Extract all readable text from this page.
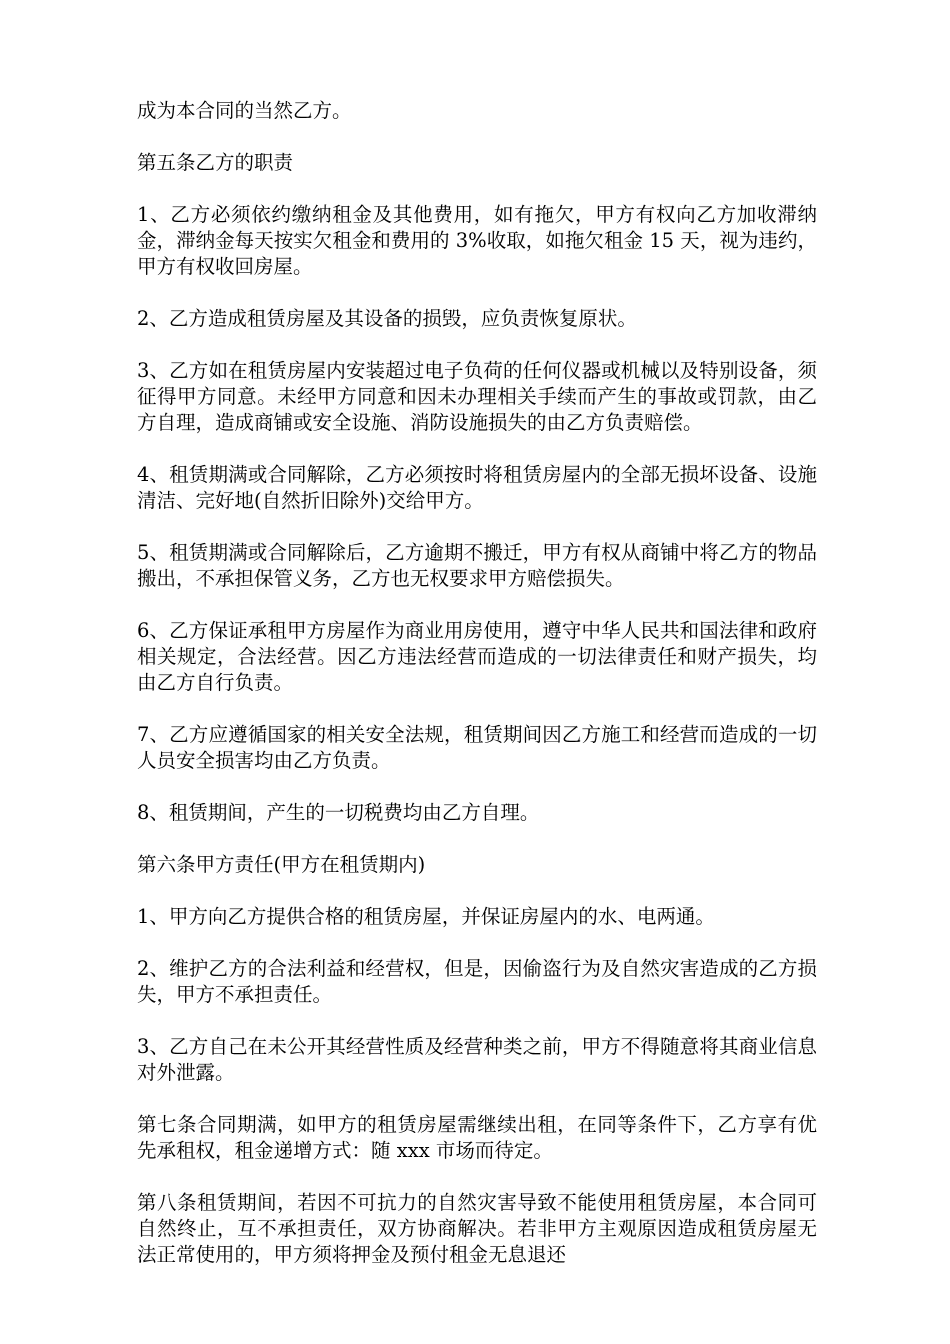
成为本合同的当然乙方。

第五条乙方的职责

1、乙方必须依约缴纳租金及其他费用，如有拖欠，甲方有权向乙方加收滞纳金，滞纳金每天按实欠租金和费用的 3%收取，如拖欠租金 15 天，视为违约，甲方有权收回房屋。

2、乙方造成租赁房屋及其设备的损毁，应负责恢复原状。

3、乙方如在租赁房屋内安装超过电子负荷的任何仪器或机械以及特别设备，须征得甲方同意。未经甲方同意和因未办理相关手续而产生的事故或罚款，由乙方自理，造成商铺或安全设施、消防设施损失的由乙方负责赔偿。

4、租赁期满或合同解除，乙方必须按时将租赁房屋内的全部无损坏设备、设施清洁、完好地(自然折旧除外)交给甲方。

5、租赁期满或合同解除后，乙方逾期不搬迁，甲方有权从商铺中将乙方的物品搬出，不承担保管义务，乙方也无权要求甲方赔偿损失。

6、乙方保证承租甲方房屋作为商业用房使用，遵守中华人民共和国法律和政府相关规定，合法经营。因乙方违法经营而造成的一切法律责任和财产损失，均由乙方自行负责。

7、乙方应遵循国家的相关安全法规，租赁期间因乙方施工和经营而造成的一切人员安全损害均由乙方负责。

8、租赁期间，产生的一切税费均由乙方自理。

第六条甲方责任(甲方在租赁期内)

1、甲方向乙方提供合格的租赁房屋，并保证房屋内的水、电两通。

2、维护乙方的合法利益和经营权，但是，因偷盗行为及自然灾害造成的乙方损失，甲方不承担责任。

3、乙方自己在未公开其经营性质及经营种类之前，甲方不得随意将其商业信息对外泄露。

第七条合同期满，如甲方的租赁房屋需继续出租，在同等条件下，乙方享有优先承租权，租金递增方式：随 xxx 市场而待定。

第八条租赁期间，若因不可抗力的自然灾害导致不能使用租赁房屋，本合同可自然终止，互不承担责任，双方协商解决。若非甲方主观原因造成租赁房屋无法正常使用的，甲方须将押金及预付租金无息退还
